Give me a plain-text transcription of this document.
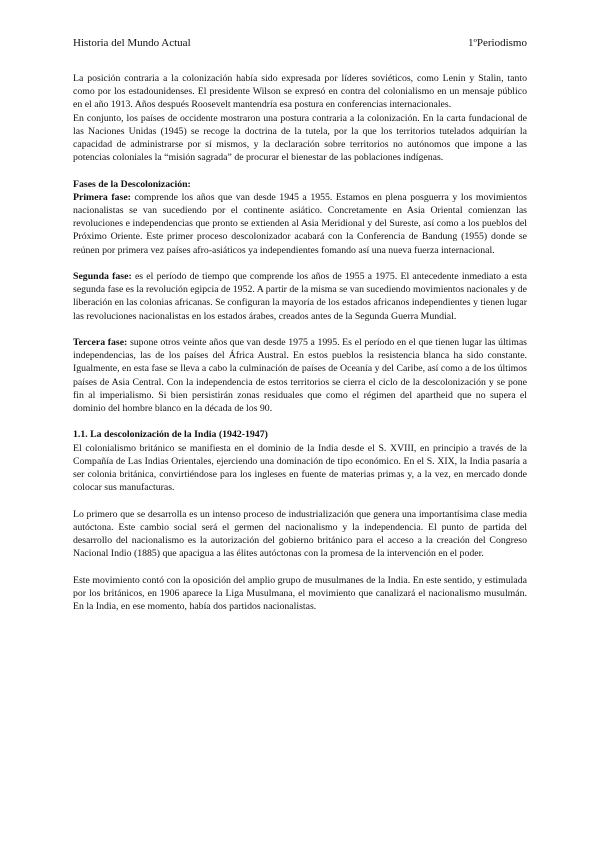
Historia del Mundo Actual	1ºPeriodismo

La posición contraria a la colonización había sido expresada por líderes soviéticos, como Lenin y Stalin, tanto como por los estadounidenses. El presidente Wilson se expresó en contra del colonialismo en un mensaje público en el año 1913. Años después Roosevelt mantendría esa postura en conferencias internacionales.

En conjunto, los países de occidente mostraron una postura contraria a la colonización. En la carta fundacional de las Naciones Unidas (1945) se recoge la doctrina de la tutela, por la que los territorios tutelados adquirían la capacidad de administrarse por sí mismos, y la declaración sobre territorios no autónomos que impone a las potencias coloniales la “misión sagrada” de procurar el bienestar de las poblaciones indígenas.

Fases de la Descolonización:

Primera fase: comprende los años que van desde 1945 a 1955. Estamos en plena posguerra y los movimientos nacionalistas se van sucediendo por el continente asiático. Concretamente en Asia Oriental comienzan las revoluciones e independencias que pronto se extienden al Asia Meridional y del Sureste, así como a los pueblos del Próximo Oriente. Este primer proceso descolonizador acabará con la Conferencia de Bandung (1955) donde se reúnen por primera vez países afro-asiáticos ya independientes fomando así una nueva fuerza internacional.

Segunda fase: es el período de tiempo que comprende los años de 1955 a 1975. El antecedente inmediato a esta segunda fase es la revolución egipcia de 1952. A partir de la misma se van sucediendo movimientos nacionales y de liberación en las colonias africanas. Se configuran la mayoría de los estados africanos independientes y tienen lugar las revoluciones nacionalistas en los estados árabes, creados antes de la Segunda Guerra Mundial.

Tercera fase: supone otros veinte años que van desde 1975 a 1995. Es el período en el que tienen lugar las últimas independencias, las de los países del África Austral. En estos pueblos la resistencia blanca ha sido constante. Igualmente, en esta fase se lleva a cabo la culminación de países de Oceanía y del Caribe, así como a de los últimos países de Asia Central. Con la independencia de estos territorios se cierra el ciclo de la descolonización y se pone fin al imperialismo. Si bien persistirán zonas residuales que como el régimen del apartheid que no supera el dominio del hombre blanco en la década de los 90.

1.1. La descolonización de la India (1942-1947)

El colonialismo británico se manifiesta en el dominio de la India desde el S. XVIII, en principio a través de la Compañía de Las Indias Orientales, ejerciendo una dominación de tipo económico. En el S. XIX, la India pasaría a ser colonia británica, convirtiéndose para los ingleses en fuente de materias primas y, a la vez, en mercado donde colocar sus manufacturas.

Lo primero que se desarrolla es un intenso proceso de industrialización que genera una importantísima clase media autóctona. Este cambio social será el germen del nacionalismo y la independencia. El punto de partida del desarrollo del nacionalismo es la autorización del gobierno británico para el acceso a la creación del Congreso Nacional Indio (1885) que apacigua a las élites autóctonas con la promesa de la intervención en el poder.

Este movimiento contó con la oposición del amplio grupo de musulmanes de la India. En este sentido, y estimulada por los británicos, en 1906 aparece la Liga Musulmana, el movimiento que canalizará el nacionalismo musulmán. En la India, en ese momento, había dos partidos nacionalistas.
